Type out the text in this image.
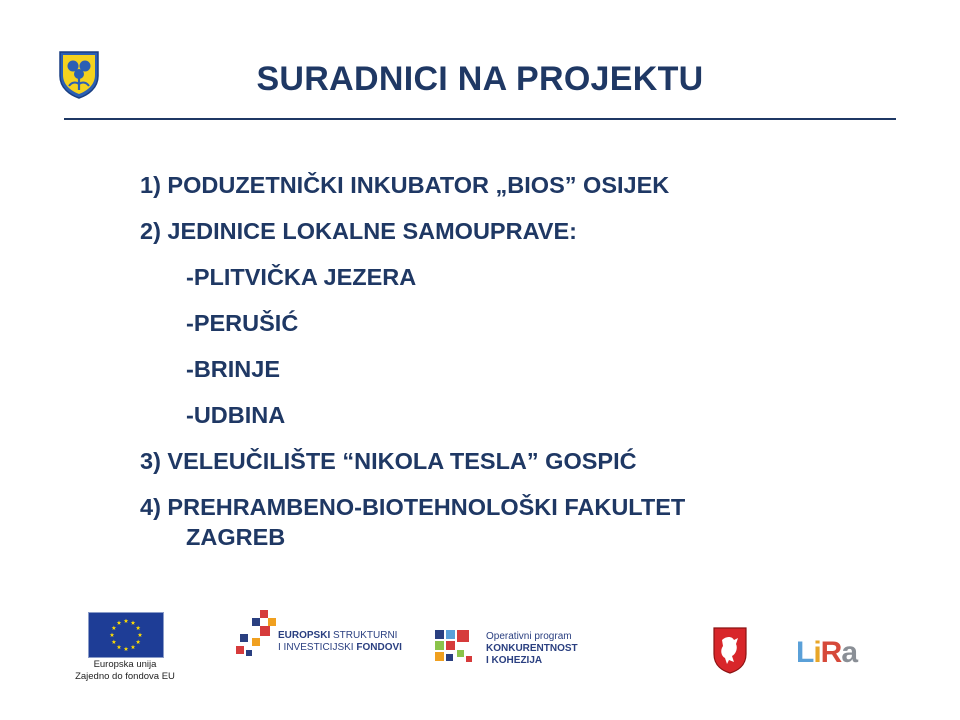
SURADNICI NA PROJEKTU
1) PODUZETNIČKI INKUBATOR „BIOS” OSIJEK
2) JEDINICE LOKALNE SAMOUPRAVE:
-PLITVIČKA JEZERA
-PERUŠIĆ
-BRINJE
-UDBINA
3) VELEUČILIŠTE “NIKOLA TESLA” GOSPIĆ
4) PREHRAMBENO-BIOTEHNOLOŠKI FAKULTET
ZAGREB
Europska unija
Zajedno do fondova EU
EUROPSKI STRUKTURNI
I INVESTICIJSKI FONDOVI
Operativni program
KONKURENTNOST
I KOHEZIJA	LiRa
